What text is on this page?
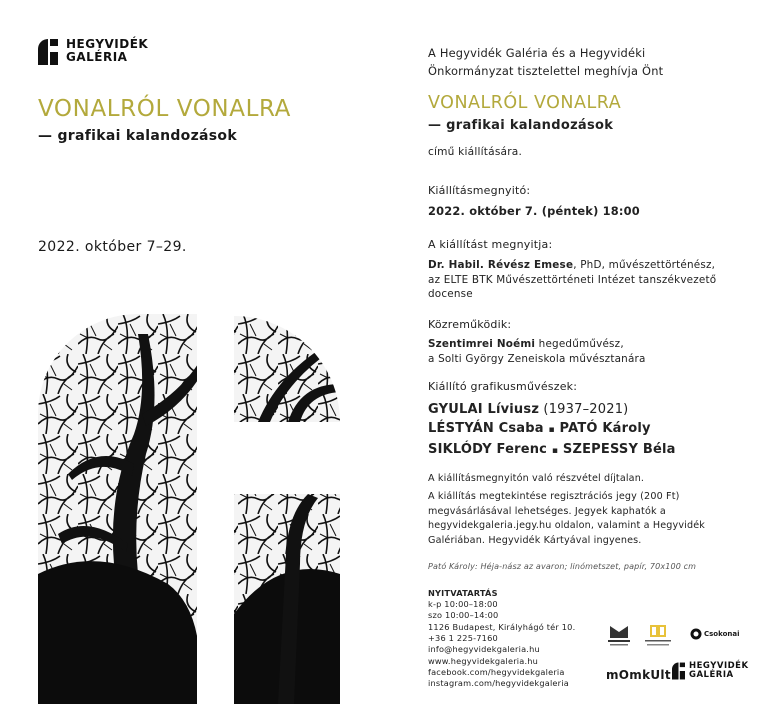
HEGYVIDÉK
GALÉRIA
VONALRÓL VONALRA
— grafikai kalandozások
2022. október 7–29.
A Hegyvidék Galéria és a Hegyvidéki
Önkormányzat tisztelettel meghívja Önt
VONALRÓL VONALRA
— grafikai kalandozások
című kiállítására.
Kiállításmegnyitó:
2022. október 7. (péntek) 18:00
A kiállítást megnyitja:
Dr. Habil. Révész Emese, PhD, művészettörténész,
az ELTE BTK Művészettörténeti Intézet tanszékvezető
docense
Közreműködik:
Szentimrei Noémi hegedűművész,
a Solti György Zeneiskola művésztanára
Kiállító grafikusművészek:
GYULAI Líviusz (1937–2021)
LÉSTYÁN Csaba ▪ PATÓ Károly
SIKLÓDY Ferenc ▪ SZEPESSY Béla
A kiállításmegnyitón való részvétel díjtalan.
A kiállítás megtekintése regisztrációs jegy (200 Ft)
megvásárlásával lehetséges. Jegyek kaphatók a
hegyvidekgaleria.jegy.hu oldalon, valamint a Hegyvidék
Galériában. Hegyvidék Kártyával ingyenes.
Pató Károly: Héja-nász az avaron; linómetszet, papír, 70x100 cm
NYITVATARTÁS
k-p 10:00–18:00
szo 10:00–14:00
1126 Budapest, Királyhágó tér 10.
+36 1 225-7160
info@hegyvidekgaleria.hu
www.hegyvidekgaleria.hu
facebook.com/hegyvidekgaleria
instagram.com/hegyvidekgaleria
Csokonai
mOmkUlt
HEGYVIDÉK
GALÉRIA
